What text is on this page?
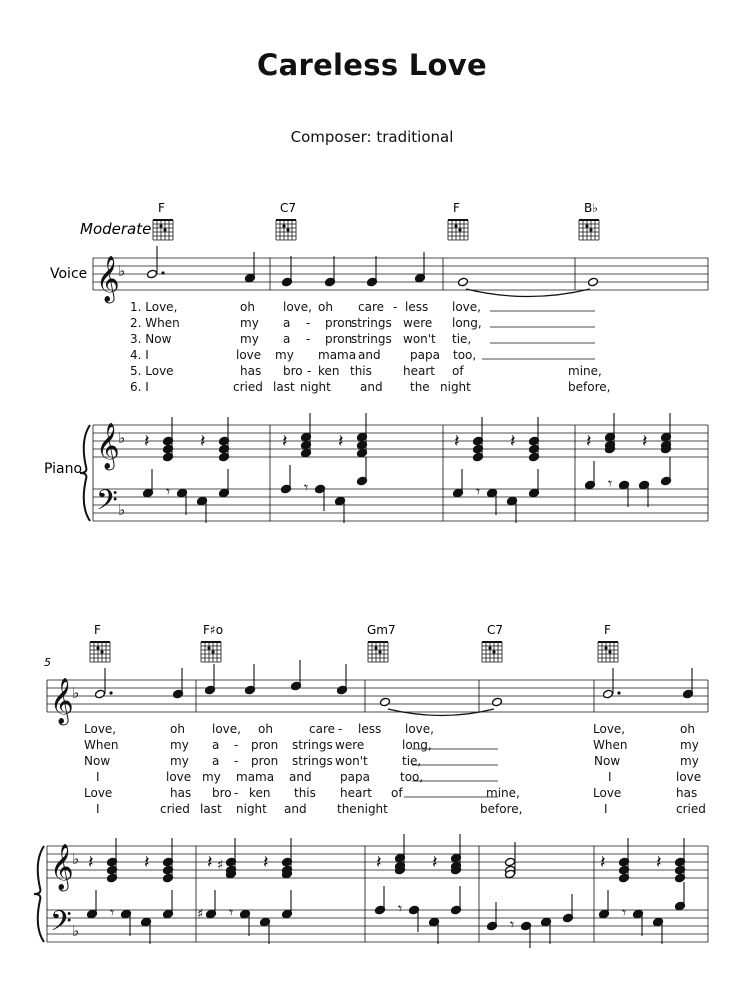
Careless Love
Composer: traditional
Moderate
Voice
Piano
5
F	C7	F	B♭
F	F♯o	Gm7	C7	F
𝄞
𝄞
𝄢
𝄞
𝄞
𝄢
♭
♭
♭
♭
♭
♭
𝄽	𝄽	𝄽	𝄽	𝄽	𝄽	𝄽	𝄽
𝄽	𝄽	𝄽	𝄽	𝄽	𝄽	𝄽	𝄽
𝄾	𝄾	𝄾	𝄾
𝄾	𝄾	𝄾
𝄾
𝄾
♯
♯
1. Love,	oh love, oh care - less love,
2. When	my a - pron
strings were long,
3. Now	my a - pron
strings won't tie,
4. I	love my mama and papa too,
5. Love	has bro - ken this	heart of	mine,
6. I	cried last night and the night	before,
Love,	oh love, oh	care - less love,	Love,	oh
When	my a - pron strings were	long,	When	my
Now	my a - pron strings won't	tie,	Now	my
I	love my mama and papa	too,	I	love
Love	has bro - ken this heart of	mine,	Love	has
I	cried last night and	the night	before,	I	cried
